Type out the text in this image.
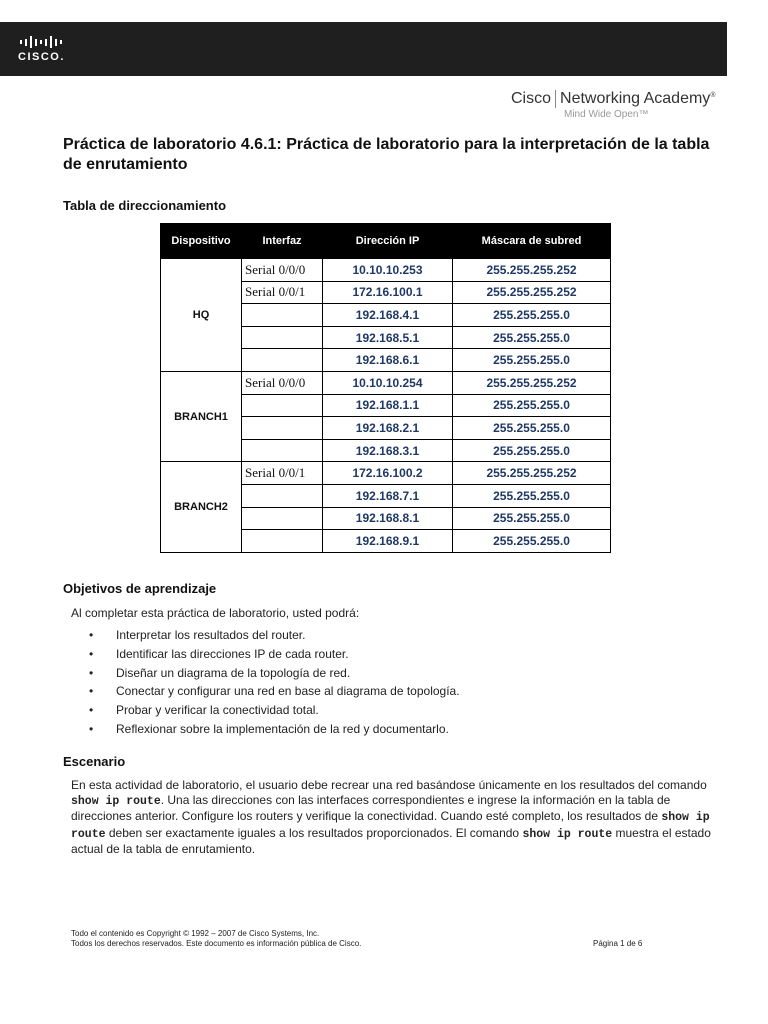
CISCO.
Cisco Networking Academy®
Mind Wide Open™
Práctica de laboratorio 4.6.1: Práctica de laboratorio para la interpretación de la tabla de enrutamiento
Tabla de direccionamiento
Dispositivo	Interfaz	Dirección IP	Máscara de subred
HQ	Serial 0/0/0	10.10.10.253	255.255.255.252
	Serial 0/0/1	172.16.100.1	255.255.255.252
		192.168.4.1	255.255.255.0
		192.168.5.1	255.255.255.0
		192.168.6.1	255.255.255.0
BRANCH1	Serial 0/0/0	10.10.10.254	255.255.255.252
		192.168.1.1	255.255.255.0
		192.168.2.1	255.255.255.0
		192.168.3.1	255.255.255.0
BRANCH2	Serial 0/0/1	172.16.100.2	255.255.255.252
		192.168.7.1	255.255.255.0
		192.168.8.1	255.255.255.0
		192.168.9.1	255.255.255.0
Objetivos de aprendizaje

Al completar esta práctica de laboratorio, usted podrá:

• Interpretar los resultados del router.
• Identificar las direcciones IP de cada router.
• Diseñar un diagrama de la topología de red.
• Conectar y configurar una red en base al diagrama de topología.
• Probar y verificar la conectividad total.
• Reflexionar sobre la implementación de la red y documentarlo.
Escenario

En esta actividad de laboratorio, el usuario debe recrear una red basándose únicamente en los resultados del comando show ip route. Una las direcciones con las interfaces correspondientes e ingrese la información en la tabla de direcciones anterior. Configure los routers y verifique la conectividad. Cuando esté completo, los resultados de show ip route deben ser exactamente iguales a los resultados proporcionados. El comando show ip route muestra el estado actual de la tabla de enrutamiento.

Todo el contenido es Copyright © 1992 – 2007 de Cisco Systems, Inc.
Todos los derechos reservados. Este documento es información pública de Cisco.	Página 1 de 6
